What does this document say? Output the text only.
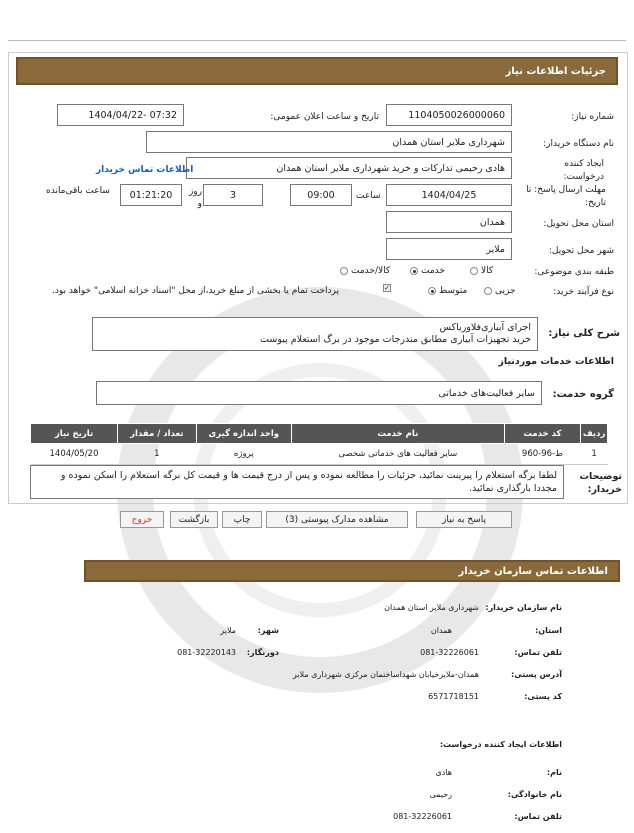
جزئیات اطلاعات نیاز
شماره نیاز:
1104050026000060
تاریخ و ساعت اعلان عمومی:
1404/04/22- 07:32
نام دستگاه خریدار:
شهرداری ملایر استان همدان
ایجاد کننده درخواست:
هادی رحیمی تدارکات و خرید شهرداری ملایر استان همدان
اطلاعات تماس خریدار
مهلت ارسال پاسخ: تا تاریخ:
1404/04/25
ساعت
09:00
3
روز و
01:21:20
ساعت باقی‌مانده
استان محل تحویل:
همدان
شهر محل تحویل:
ملایر
طبقه بندی موضوعی:
کالا
خدمت
کالا/خدمت
نوع فرآیند خرید:
جزیی
متوسط
✓
پرداخت تمام یا بخشی از مبلغ خرید،از محل "اسناد خزانه اسلامی" خواهد بود.
شرح کلی نیاز:
اجرای آبیاری‌فلاوریاکس
خرید تجهیزات آبیاری مطابق مندرجات موجود در برگ استعلام پیوست
اطلاعات خدمات موردنیاز
گروه خدمت:
سایر فعالیت‌های خدماتی
ردیف	کد خدمت	نام خدمت	واحد اندازه گیری	تعداد / مقدار	تاریخ نیاز
1	ط-96-960	سایر فعالیت های خدماتی شخصی	پروژه	1	1404/05/20
توضیحات خریدار:
لطفا برگه استعلام را پیرینت نمائید، جزئیات را مطالعه نموده و پس از درج قیمت ها و قیمت کل برگه استعلام را اسکن نموده و مجددا بارگذاری نمائید.
پاسخ به نیاز
مشاهده مدارک پیوستی (3)
چاپ
بازگشت
خروج
اطلاعات تماس سازمان خریدار
نام سازمان خریدار:
شهرداری ملایر استان همدان
استان:
همدان
شهر:
ملایر
تلفن تماس:
081-32226061
دورنگار:
081-32220143
آدرس پستی:
همدان-ملایرخیابان شهداساختمان مرکزی شهرداری ملایر
کد پستی:
6571718151
اطلاعات ایجاد کننده درخواست:
نام:
هادی
نام خانوادگی:
رحیمی
تلفن تماس:
081-32226061
